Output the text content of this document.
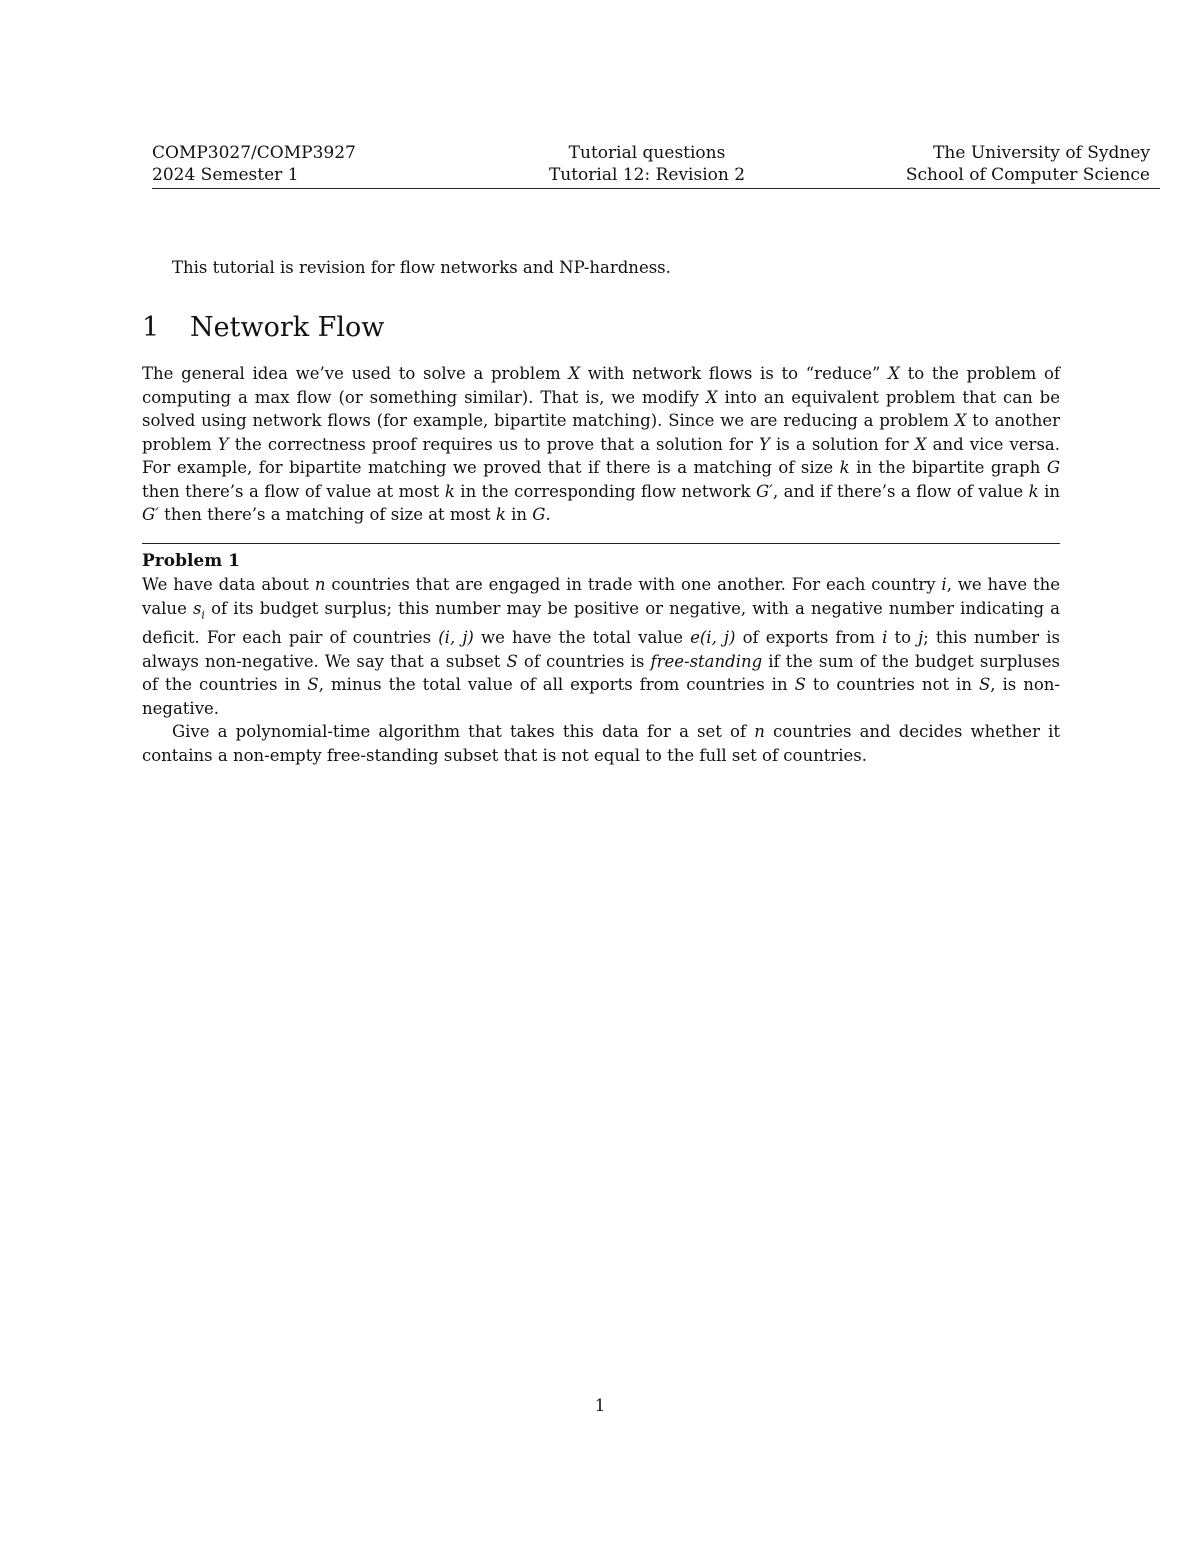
COMP3027/COMP3927
2024 Semester 1
Tutorial questions
Tutorial 12: Revision 2
The University of Sydney
School of Computer Science
This tutorial is revision for flow networks and NP-hardness.
1 Network Flow

The general idea we’ve used to solve a problem X with network flows is to “reduce” X to the problem of computing a max flow (or something similar). That is, we modify X into an equivalent problem that can be solved using network flows (for example, bipartite matching). Since we are reducing a problem X to another problem Y the correctness proof requires us to prove that a solution for Y is a solution for X and vice versa. For example, for bipartite matching we proved that if there is a matching of size k in the bipartite graph G then there’s a flow of value at most k in the corresponding flow network G′, and if there’s a flow of value k in G′ then there’s a matching of size at most k in G.

Problem 1

We have data about n countries that are engaged in trade with one another. For each country i, we have the value $s_i$ of its budget surplus; this number may be positive or negative, with a negative number indicating a deficit. For each pair of countries (i, j) we have the total value e(i, j) of exports from i to j; this number is always non-negative. We say that a subset S of countries is free-standing if the sum of the budget surpluses of the countries in S, minus the total value of all exports from countries in S to countries not in S, is non-negative.

Give a polynomial-time algorithm that takes this data for a set of n countries and decides whether it contains a non-empty free-standing subset that is not equal to the full set of countries.

1
